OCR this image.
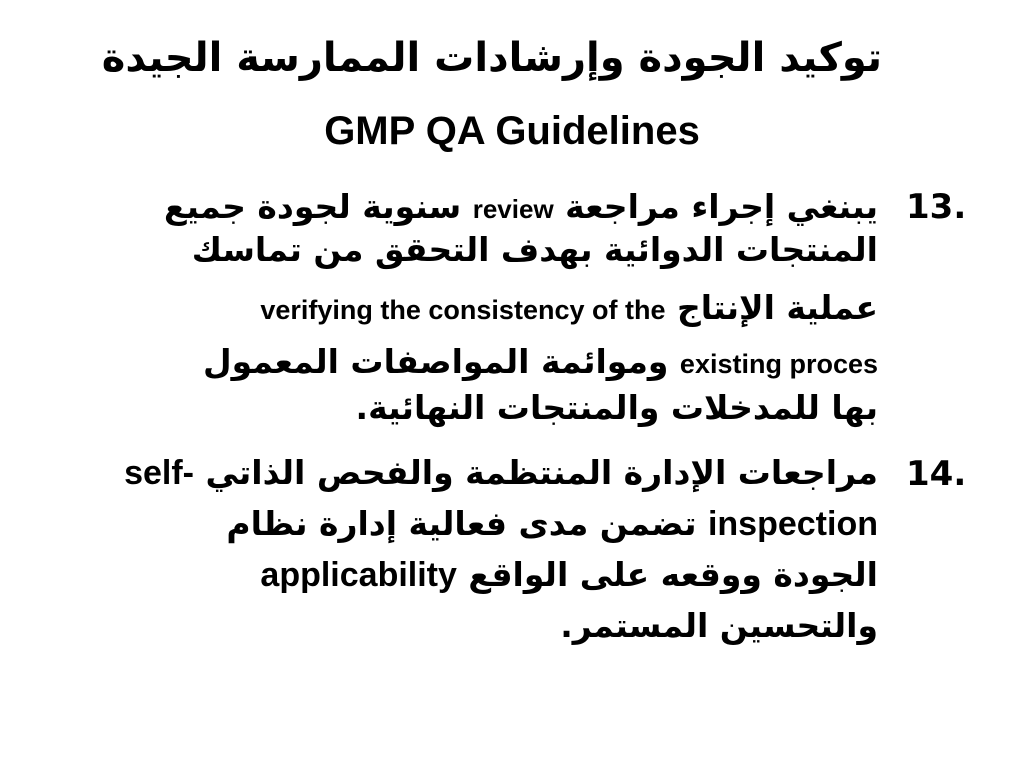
توكيد الجودة وإرشادات الممارسة الجيدة
GMP QA Guidelines
13.
يبنغي إجراء مراجعة review سنوية لجودة جميع
المنتجات الدوائية بهدف التحقق من تماسك
عملية الإنتاج verifying the consistency of the
existing proces وموائمة المواصفات المعمول
بها للمدخلات والمنتجات النهائية.
14.
مراجعات الإدارة المنتظمة والفحص الذاتي self-
inspection تضمن مدى فعالية إدارة نظام
الجودة ووقعه على الواقع applicability
والتحسين المستمر.
